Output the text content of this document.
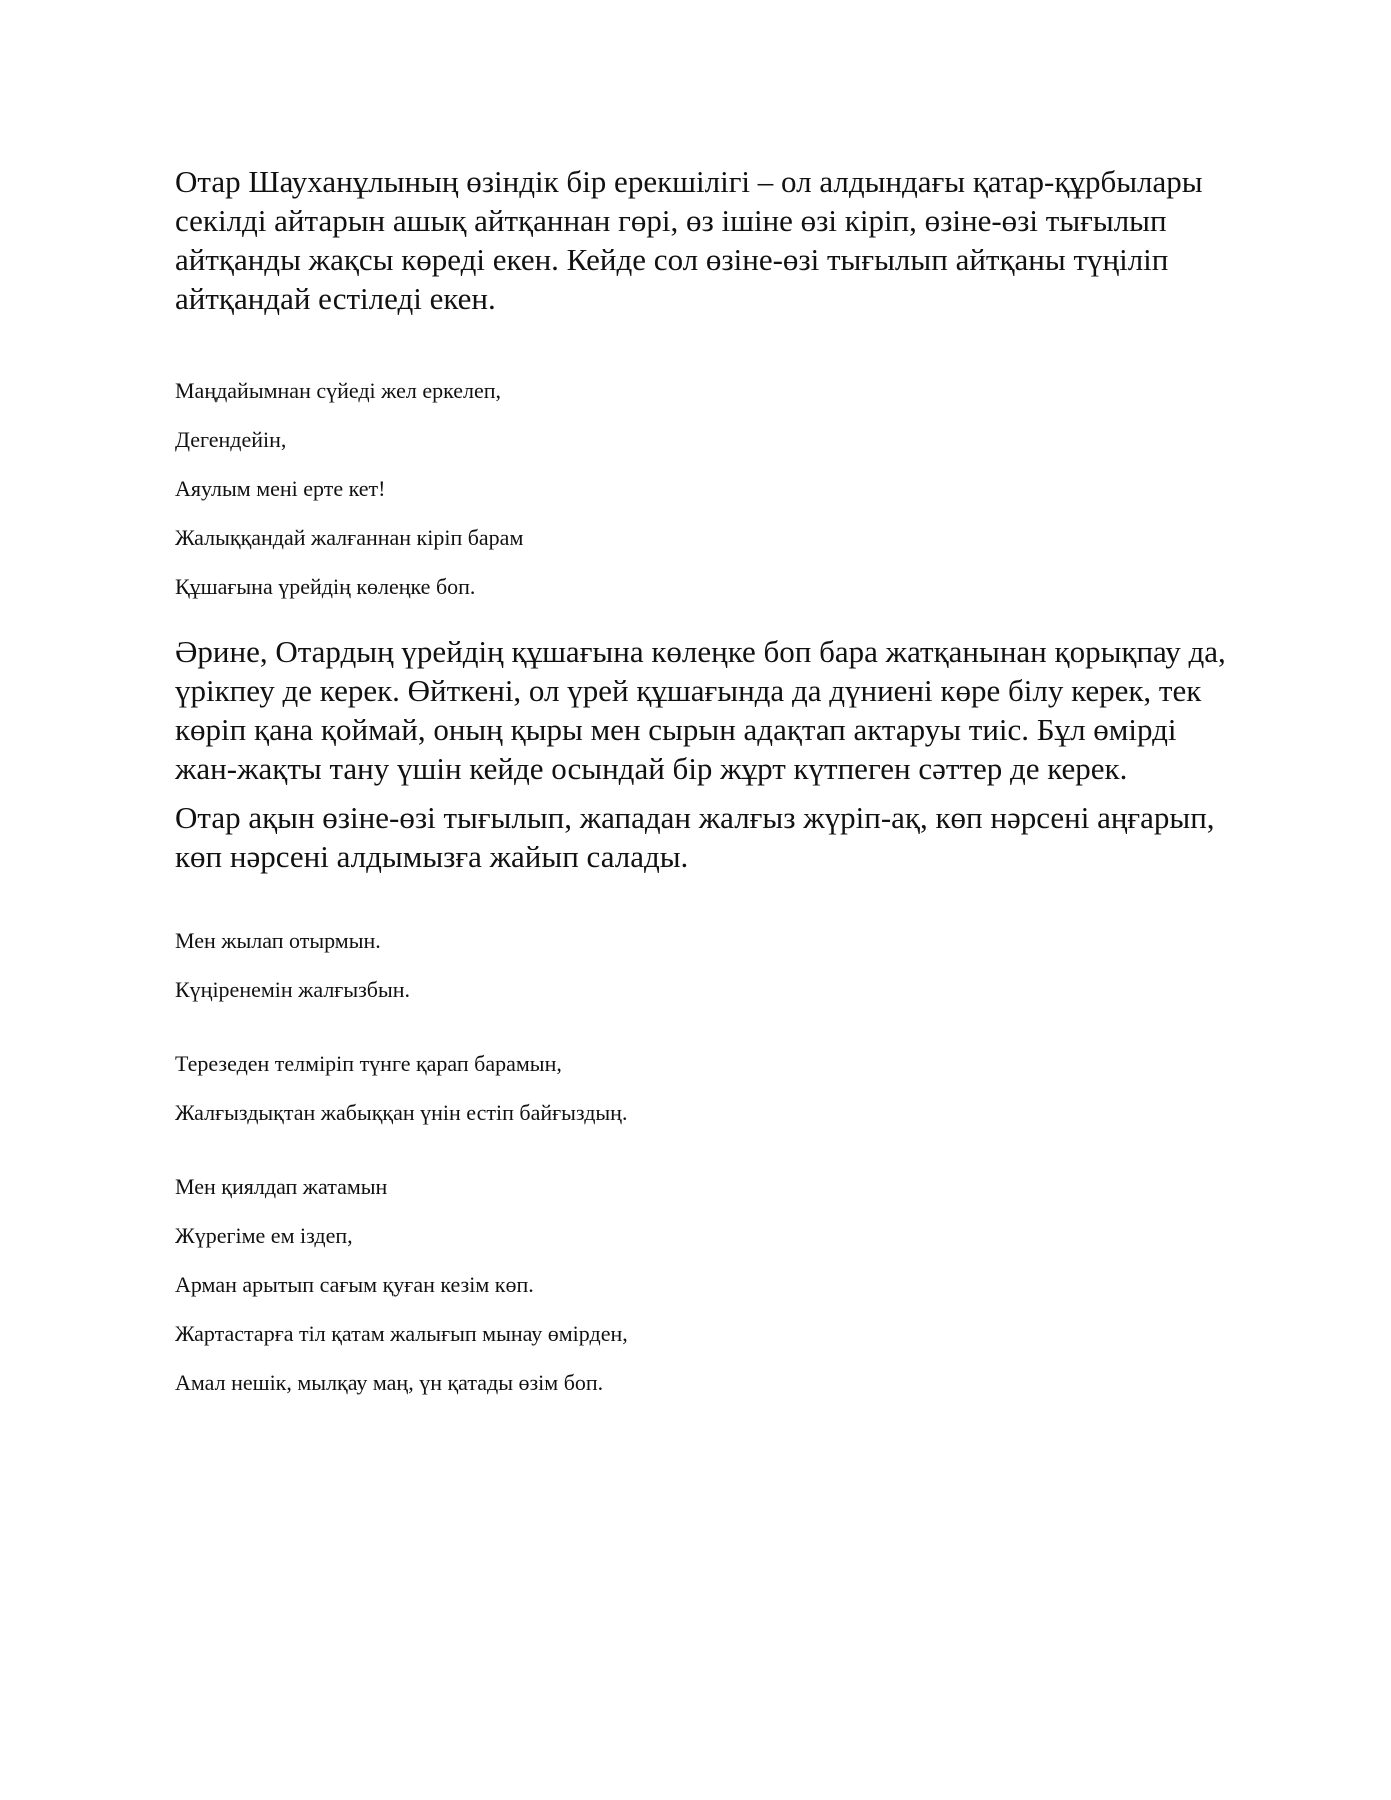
Отар Шауханұлының өзіндік бір ерекшілігі – ол алдындағы қатар-құрбылары секілді айтарын ашық айтқаннан гөрі, өз ішіне өзі кіріп, өзіне-өзі тығылып айтқанды жақсы көреді екен. Кейде сол өзіне-өзі тығылып айтқаны түңіліп айтқандай естіледі екен.

Маңдайымнан сүйеді жел еркелеп,
Дегендейін,
Аяулым мені ерте кет!
Жалыққандай жалғаннан кіріп барам
Құшағына үрейдің көлеңке боп.

Әрине, Отардың үрейдің құшағына көлеңке боп бара жатқанынан қорықпау да, үрікпеу де керек. Өйткені, ол үрей құшағында да дүниені көре білу керек, тек көріп қана қоймай, оның қыры мен сырын адақтап актаруы тиіс. Бұл өмірді жан-жақты тану үшін кейде осындай бір жұрт күтпеген сәттер де керек.

Отар ақын өзіне-өзі тығылып, жападан жалғыз жүріп-ақ, көп нәрсені аңғарып, көп нәрсені алдымызға жайып салады.

Мен жылап отырмын.
Күңіренемін жалғызбын.
Терезеден телміріп түнге қарап барамын,
Жалғыздықтан жабыққан үнін естіп байғыздың.
Мен қиялдап жатамын
Жүрегіме ем іздеп,
Арман арытып сағым қуған кезім көп.
Жартастарға тіл қатам жалығып мынау өмірден,
Амал нешік, мылқау маң, үн қатады өзім боп.
